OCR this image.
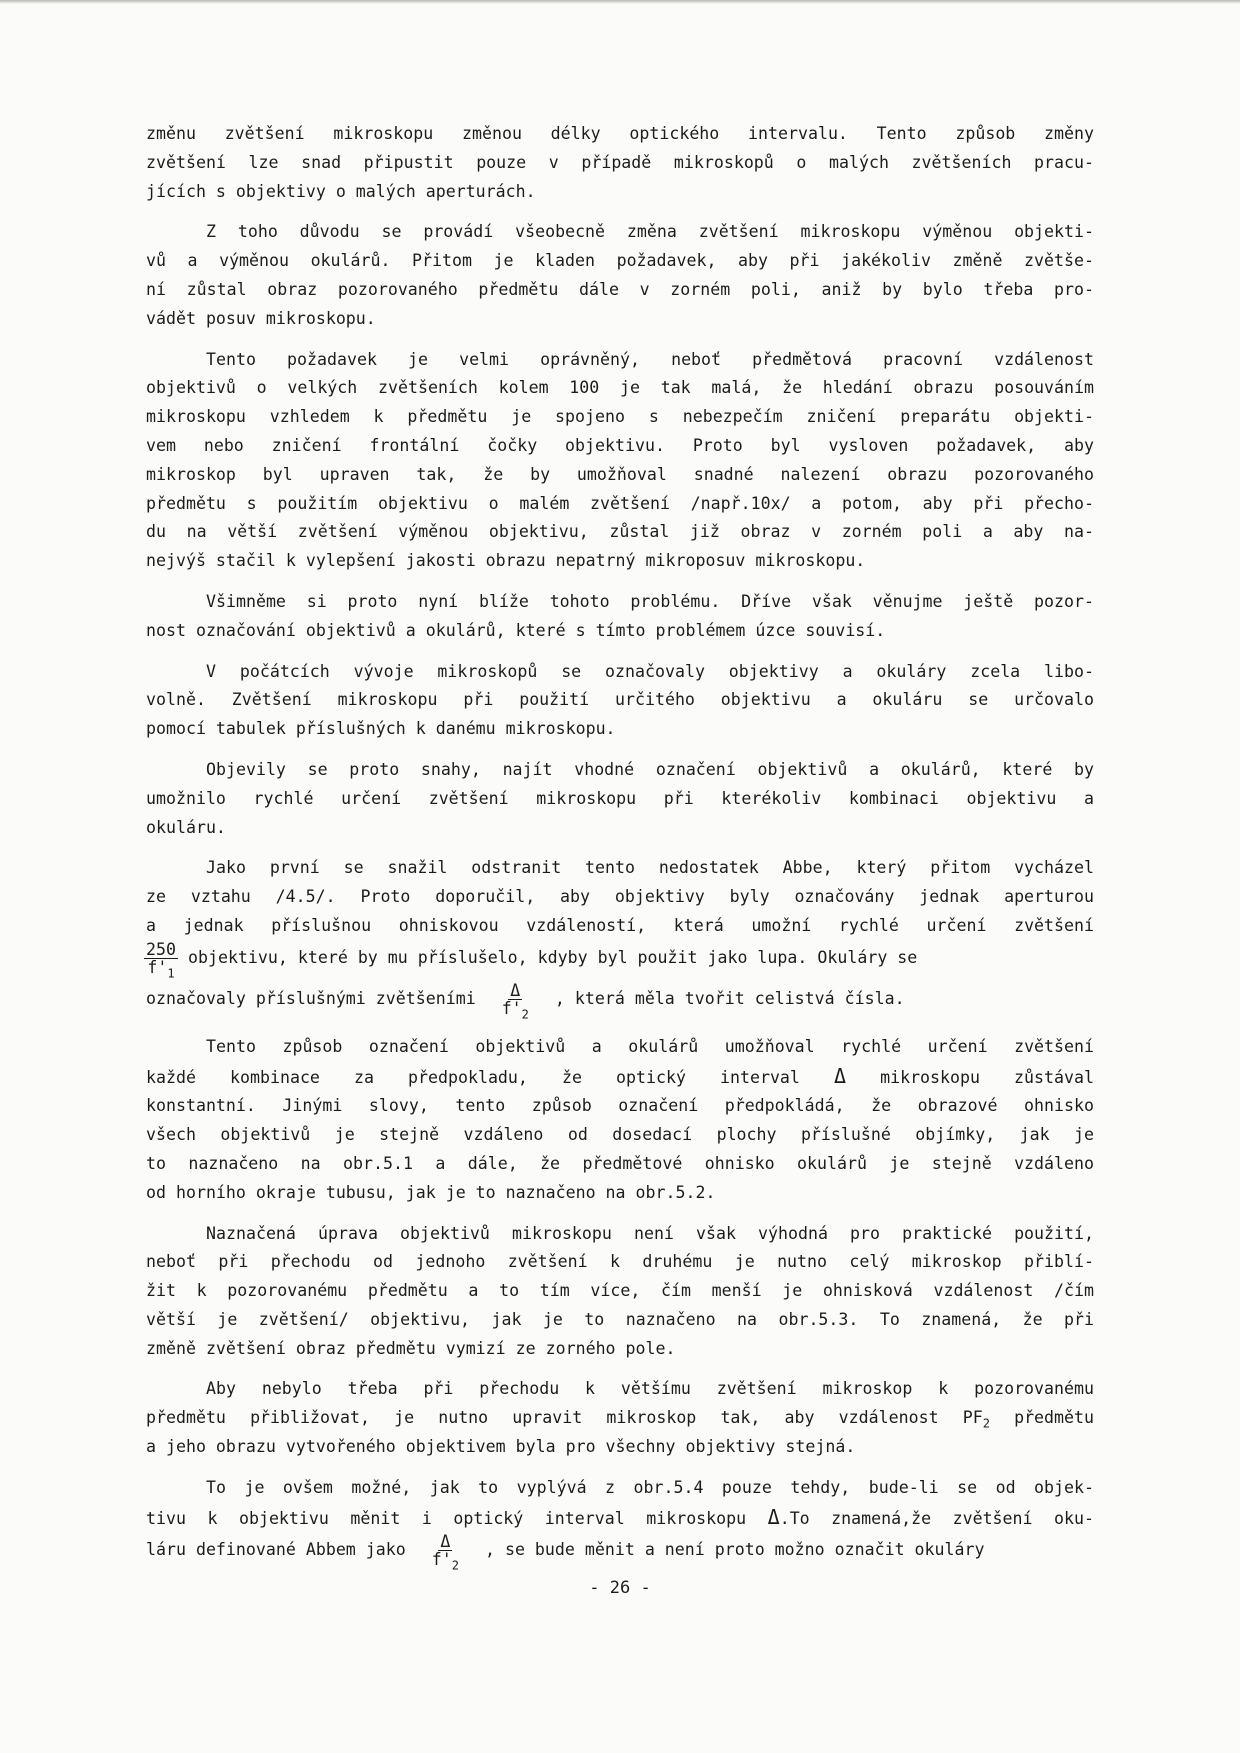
změnu zvětšení mikroskopu změnou délky optického intervalu. Tento způsob změny
zvětšení lze snad připustit pouze v případě mikroskopů o malých zvětšeních pracu-
jících s objektivy o malých aperturách.
Z toho důvodu se provádí všeobecně změna zvětšení mikroskopu výměnou objekti-
vů a výměnou okulárů. Přitom je kladen požadavek, aby při jakékoliv změně zvětše-
ní zůstal obraz pozorovaného předmětu dále v zorném poli, aniž by bylo třeba pro-
vádět posuv mikroskopu.
Tento požadavek je velmi oprávněný, neboť předmětová pracovní vzdálenost
objektivů o velkých zvětšeních kolem 100 je tak malá, že hledání obrazu posouváním
mikroskopu vzhledem k předmětu je spojeno s nebezpečím zničení preparátu objekti-
vem nebo zničení frontální čočky objektivu. Proto byl vysloven požadavek, aby
mikroskop byl upraven tak, že by umožňoval snadné nalezení obrazu pozorovaného
předmětu s použitím objektivu o malém zvětšení /např.10x/ a potom, aby při přecho-
du na větší zvětšení výměnou objektivu, zůstal již obraz v zorném poli a aby na-
nejvýš stačil k vylepšení jakosti obrazu nepatrný mikroposuv mikroskopu.
Všimněme si proto nyní blíže tohoto problému. Dříve však věnujme ještě pozor-
nost označování objektivů a okulárů, které s tímto problémem úzce souvisí.
V počátcích vývoje mikroskopů se označovaly objektivy a okuláry zcela libo-
volně. Zvětšení mikroskopu při použití určitého objektivu a okuláru se určovalo
pomocí tabulek příslušných k danému mikroskopu.
Objevily se proto snahy, najít vhodné označení objektivů a okulárů, které by
umožnilo rychlé určení zvětšení mikroskopu při kterékoliv kombinaci objektivu a
okuláru.
Jako první se snažil odstranit tento nedostatek Abbe, který přitom vycházel
ze vztahu /4.5/. Proto doporučil, aby objektivy byly označovány jednak aperturou
a jednak příslušnou ohniskovou vzdáleností, která umožní rychlé určení zvětšení
$\frac{250}{f'_1}$ objektivu, které by mu příslušelo, kdyby byl použit jako lupa. Okuláry se
označovaly příslušnými zvětšeními $\frac{\Delta}{f'_2}$ , která měla tvořit celistvá čísla.
Tento způsob označení objektivů a okulárů umožňoval rychlé určení zvětšení
každé kombinace za předpokladu, že optický interval Δ mikroskopu zůstával
konstantní. Jinými slovy, tento způsob označení předpokládá, že obrazové ohnisko
všech objektivů je stejně vzdáleno od dosedací plochy příslušné objímky, jak je
to naznačeno na obr.5.1 a dále, že předmětové ohnisko okulárů je stejně vzdáleno
od horního okraje tubusu, jak je to naznačeno na obr.5.2.
Naznačená úprava objektivů mikroskopu není však výhodná pro praktické použití,
neboť při přechodu od jednoho zvětšení k druhému je nutno celý mikroskop přiblí-
žit k pozorovanému předmětu a to tím více, čím menší je ohnisková vzdálenost /čím
větší je zvětšení/ objektivu, jak je to naznačeno na obr.5.3. To znamená, že při
změně zvětšení obraz předmětu vymizí ze zorného pole.
Aby nebylo třeba při přechodu k většímu zvětšení mikroskop k pozorovanému
předmětu přibližovat, je nutno upravit mikroskop tak, aby vzdálenost $PF_2$ předmětu
a jeho obrazu vytvořeného objektivem byla pro všechny objektivy stejná.
To je ovšem možné, jak to vyplývá z obr.5.4 pouze tehdy, bude-li se od objek-
tivu k objektivu měnit i optický interval mikroskopu Δ.To znamená,že zvětšení oku-
láru definované Abbem jako $\frac{\Delta}{f'_2}$ , se bude měnit a není proto možno označit okuláry
- 26 -
